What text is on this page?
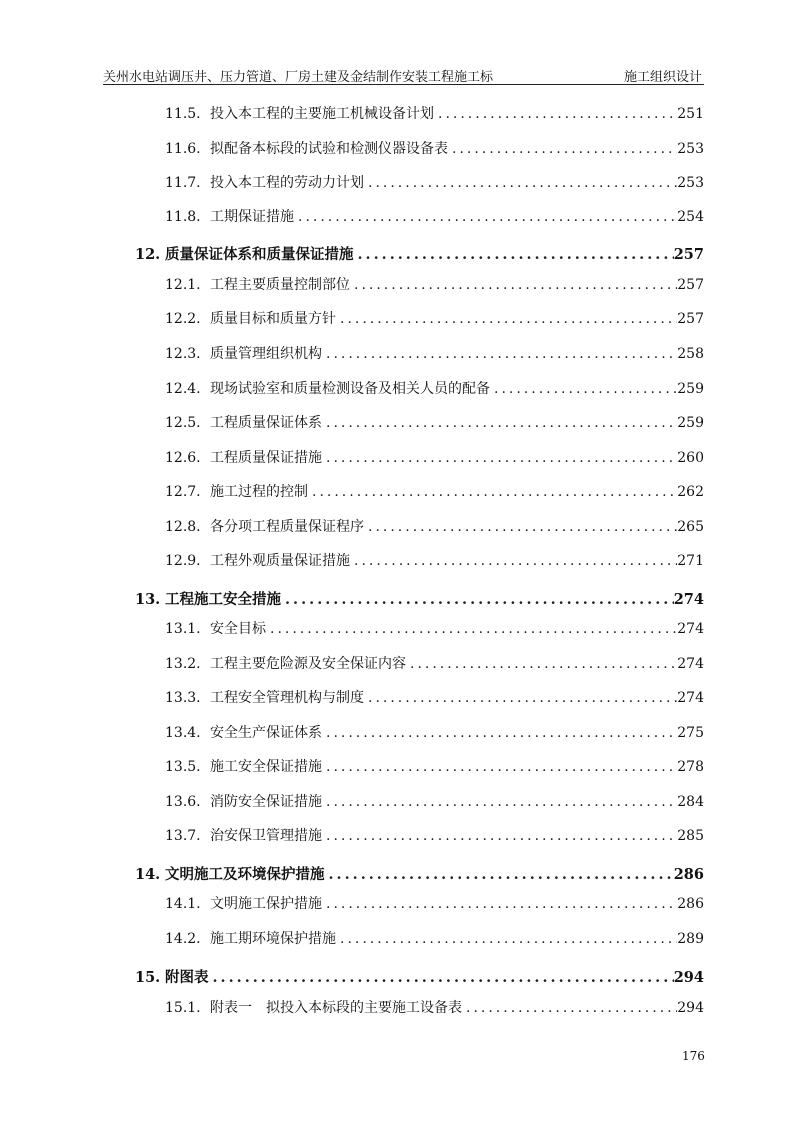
关州水电站调压井、压力管道、厂房土建及金结制作安装工程施工标	施工组织设计
11.5. 投入本工程的主要施工机械设备计划 .....	251
11.6. 拟配备本标段的试验和检测仪器设备表 .....	253
11.7. 投入本工程的劳动力计划 .....	253
11.8. 工期保证措施 .....	254
12. 质量保证体系和质量保证措施 .....	257
12.1. 工程主要质量控制部位 .....	257
12.2. 质量目标和质量方针 .....	257
12.3. 质量管理组织机构 .....	258
12.4. 现场试验室和质量检测设备及相关人员的配备 .....	259
12.5. 工程质量保证体系 .....	259
12.6. 工程质量保证措施 .....	260
12.7. 施工过程的控制 .....	262
12.8. 各分项工程质量保证程序 .....	265
12.9. 工程外观质量保证措施 .....	271
13. 工程施工安全措施 .....	274
13.1. 安全目标 .....	274
13.2. 工程主要危险源及安全保证内容 .....	274
13.3. 工程安全管理机构与制度 .....	274
13.4. 安全生产保证体系 .....	275
13.5. 施工安全保证措施 .....	278
13.6. 消防安全保证措施 .....	284
13.7. 治安保卫管理措施 .....	285
14. 文明施工及环境保护措施 .....	286
14.1. 文明施工保护措施 .....	286
14.2. 施工期环境保护措施 .....	289
15. 附图表 .....	294
15.1. 附表一　拟投入本标段的主要施工设备表 .....	294
176
